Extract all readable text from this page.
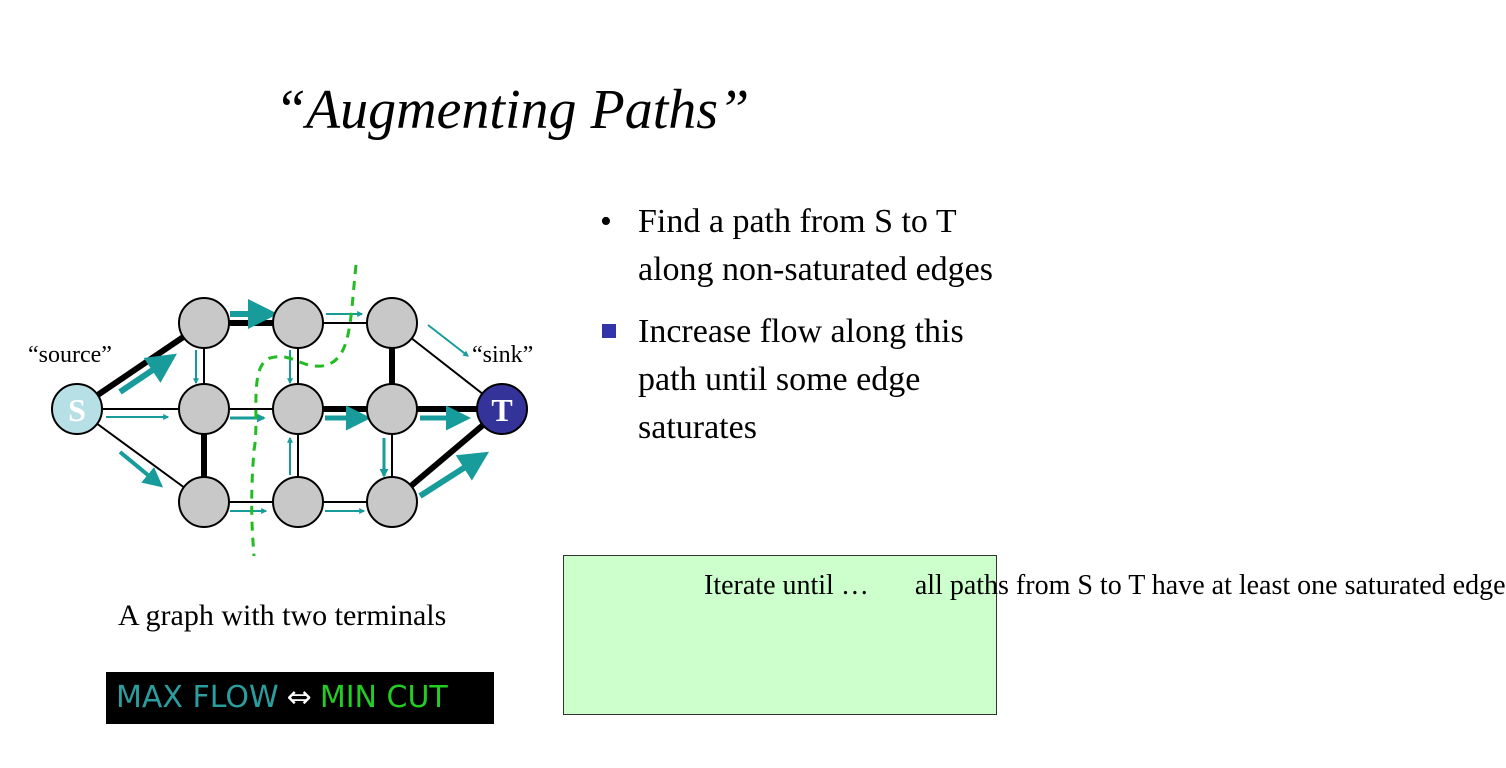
“Augmenting Paths”
S	T
“source”	“sink”
• Find a path from S to T along non-saturated edges
Increase flow along this path until some edge saturates
Iterate until … all paths from S to T have at least one saturated edge
A graph with two terminals
MAX FLOW ⇔ MIN CUT
